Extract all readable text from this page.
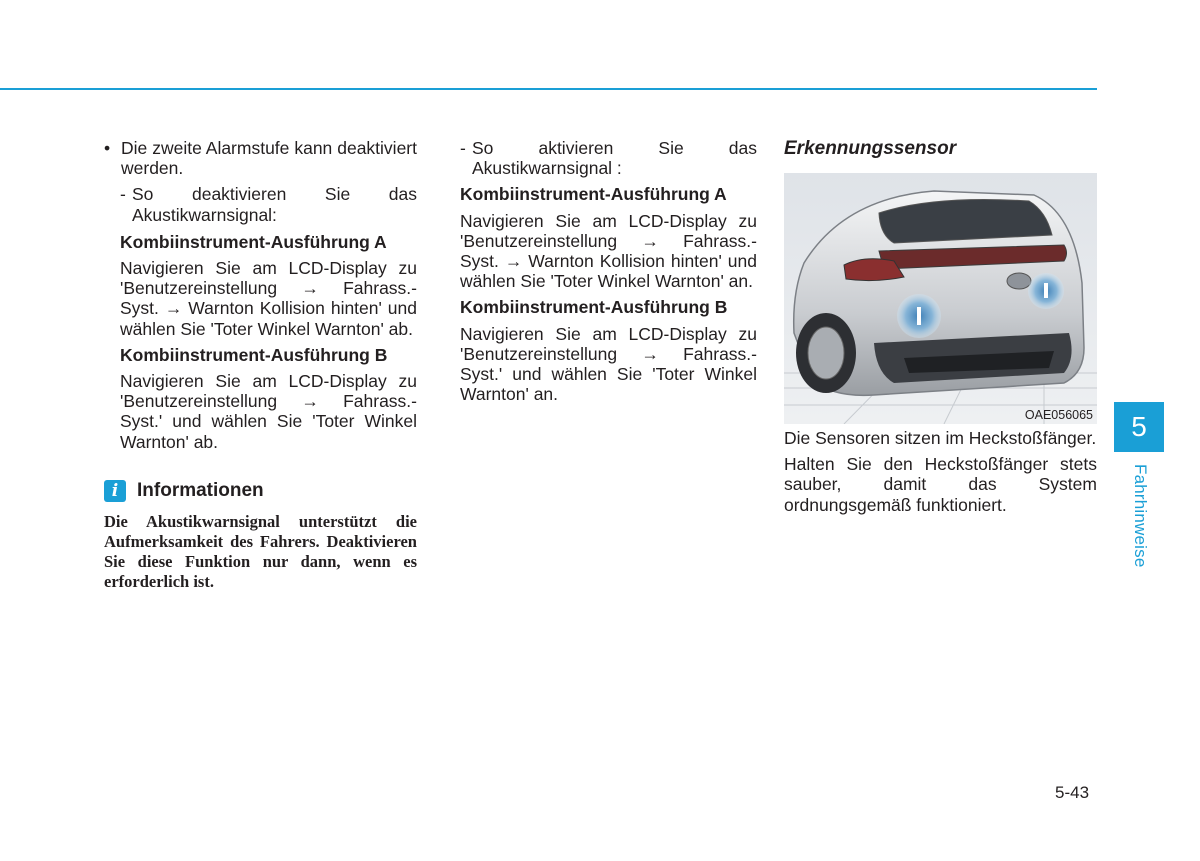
• Die zweite Alarmstufe kann deaktiviert werden.

- So deaktivieren Sie das Akustikwarnsignal:

Kombiinstrument-Ausführung A

Navigieren Sie am LCD-Display zu 'Benutzereinstellung → Fahrass.-Syst. → Warnton Kollision hinten' und wählen Sie 'Toter Winkel Warnton' ab.

Kombiinstrument-Ausführung B

Navigieren Sie am LCD-Display zu 'Benutzereinstellung → Fahrass.-Syst.' und wählen Sie 'Toter Winkel Warnton' ab.

i Informationen

Die Akustikwarnsignal unterstützt die Aufmerksamkeit des Fahrers. Deaktivieren Sie diese Funktion nur dann, wenn es erforderlich ist.

- So aktivieren Sie das Akustikwarnsignal :

Kombiinstrument-Ausführung A

Navigieren Sie am LCD-Display zu 'Benutzereinstellung → Fahrass.-Syst. → Warnton Kollision hinten' und wählen Sie 'Toter Winkel Warnton' an.

Kombiinstrument-Ausführung B

Navigieren Sie am LCD-Display zu 'Benutzereinstellung → Fahrass.-Syst.' und wählen Sie 'Toter Winkel Warnton' an.

Erkennungssensor

OAE056065

Die Sensoren sitzen im Heckstoßfänger.

Halten Sie den Heckstoßfänger stets sauber, damit das System ordnungsgemäß funktioniert.

5
Fahrhinweise
5-43
